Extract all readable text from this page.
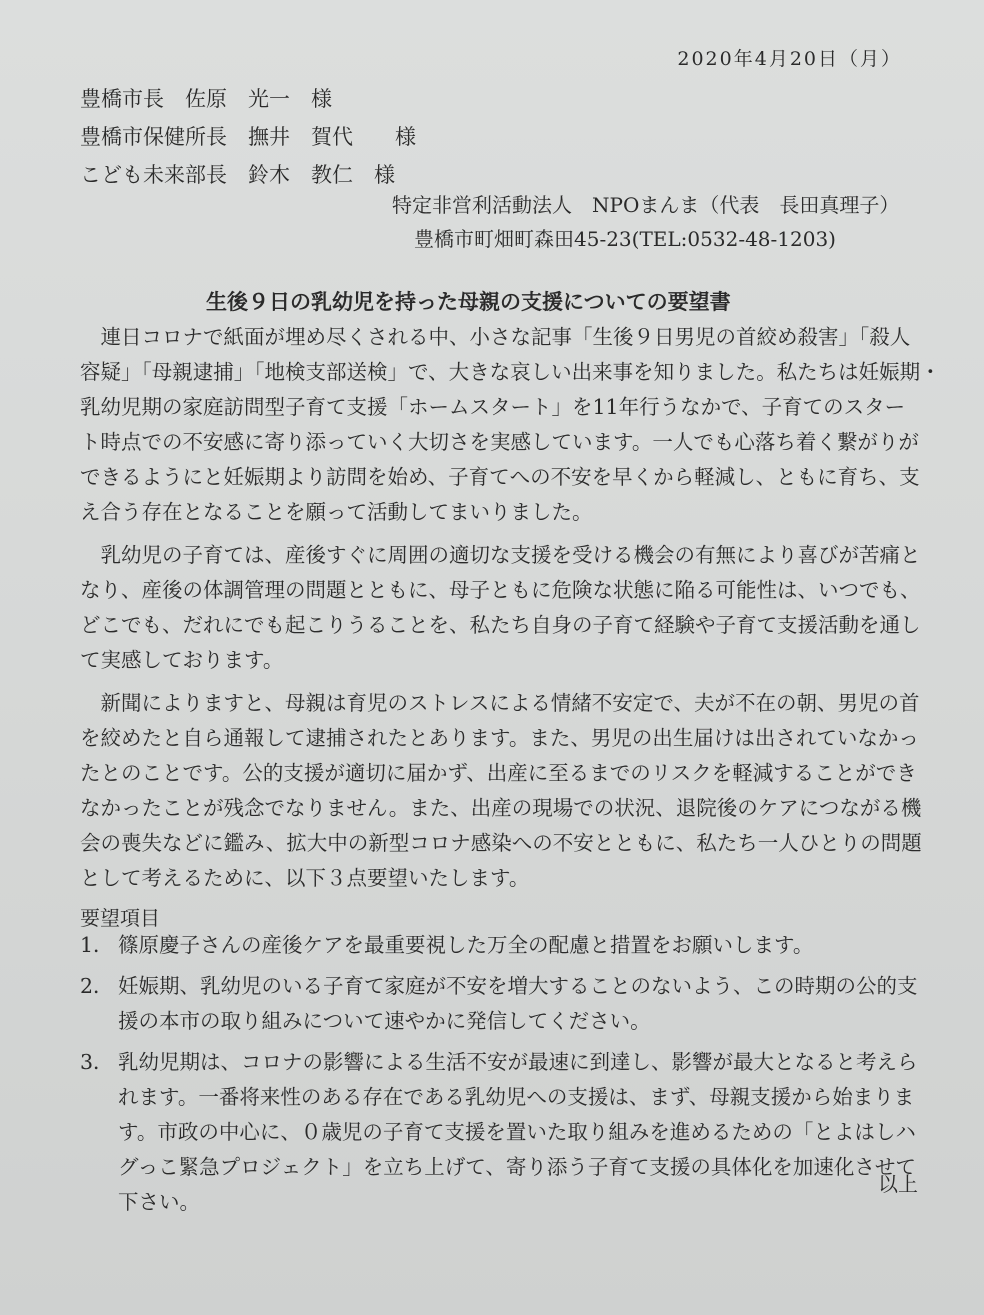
2020年4月20日（月）
豊橋市長　佐原　光一　様
豊橋市保健所長　撫井　賀代　　様
こども未来部長　鈴木　教仁　様
特定非営利活動法人　NPOまんま（代表　長田真理子）
豊橋市町畑町森田45-23(TEL:0532-48-1203)
生後９日の乳幼児を持った母親の支援についての要望書

　連日コロナで紙面が埋め尽くされる中、小さな記事「生後９日男児の首絞め殺害」「殺人
容疑」「母親逮捕」「地検支部送検」で、大きな哀しい出来事を知りました。私たちは妊娠期・
乳幼児期の家庭訪問型子育て支援「ホームスタート」を11年行うなかで、子育てのスター
ト時点での不安感に寄り添っていく大切さを実感しています。一人でも心落ち着く繋がりが
できるようにと妊娠期より訪問を始め、子育てへの不安を早くから軽減し、ともに育ち、支
え合う存在となることを願って活動してまいりました。

　乳幼児の子育ては、産後すぐに周囲の適切な支援を受ける機会の有無により喜びが苦痛と
なり、産後の体調管理の問題とともに、母子ともに危険な状態に陥る可能性は、いつでも、
どこでも、だれにでも起こりうることを、私たち自身の子育て経験や子育て支援活動を通し
て実感しております。

　新聞によりますと、母親は育児のストレスによる情緒不安定で、夫が不在の朝、男児の首
を絞めたと自ら通報して逮捕されたとあります。また、男児の出生届けは出されていなかっ
たとのことです。公的支援が適切に届かず、出産に至るまでのリスクを軽減することができ
なかったことが残念でなりません。また、出産の現場での状況、退院後のケアにつながる機
会の喪失などに鑑み、拡大中の新型コロナ感染への不安とともに、私たち一人ひとりの問題
として考えるために、以下３点要望いたします。

要望項目
1． 篠原慶子さんの産後ケアを最重要視した万全の配慮と措置をお願いします。
2． 妊娠期、乳幼児のいる子育て家庭が不安を増大することのないよう、この時期の公的支
援の本市の取り組みについて速やかに発信してください。
3． 乳幼児期は、コロナの影響による生活不安が最速に到達し、影響が最大となると考えら
れます。一番将来性のある存在である乳幼児への支援は、まず、母親支援から始まりま
す。市政の中心に、０歳児の子育て支援を置いた取り組みを進めるための「とよはしハ
グっこ緊急プロジェクト」を立ち上げて、寄り添う子育て支援の具体化を加速化させて
下さい。
以上
